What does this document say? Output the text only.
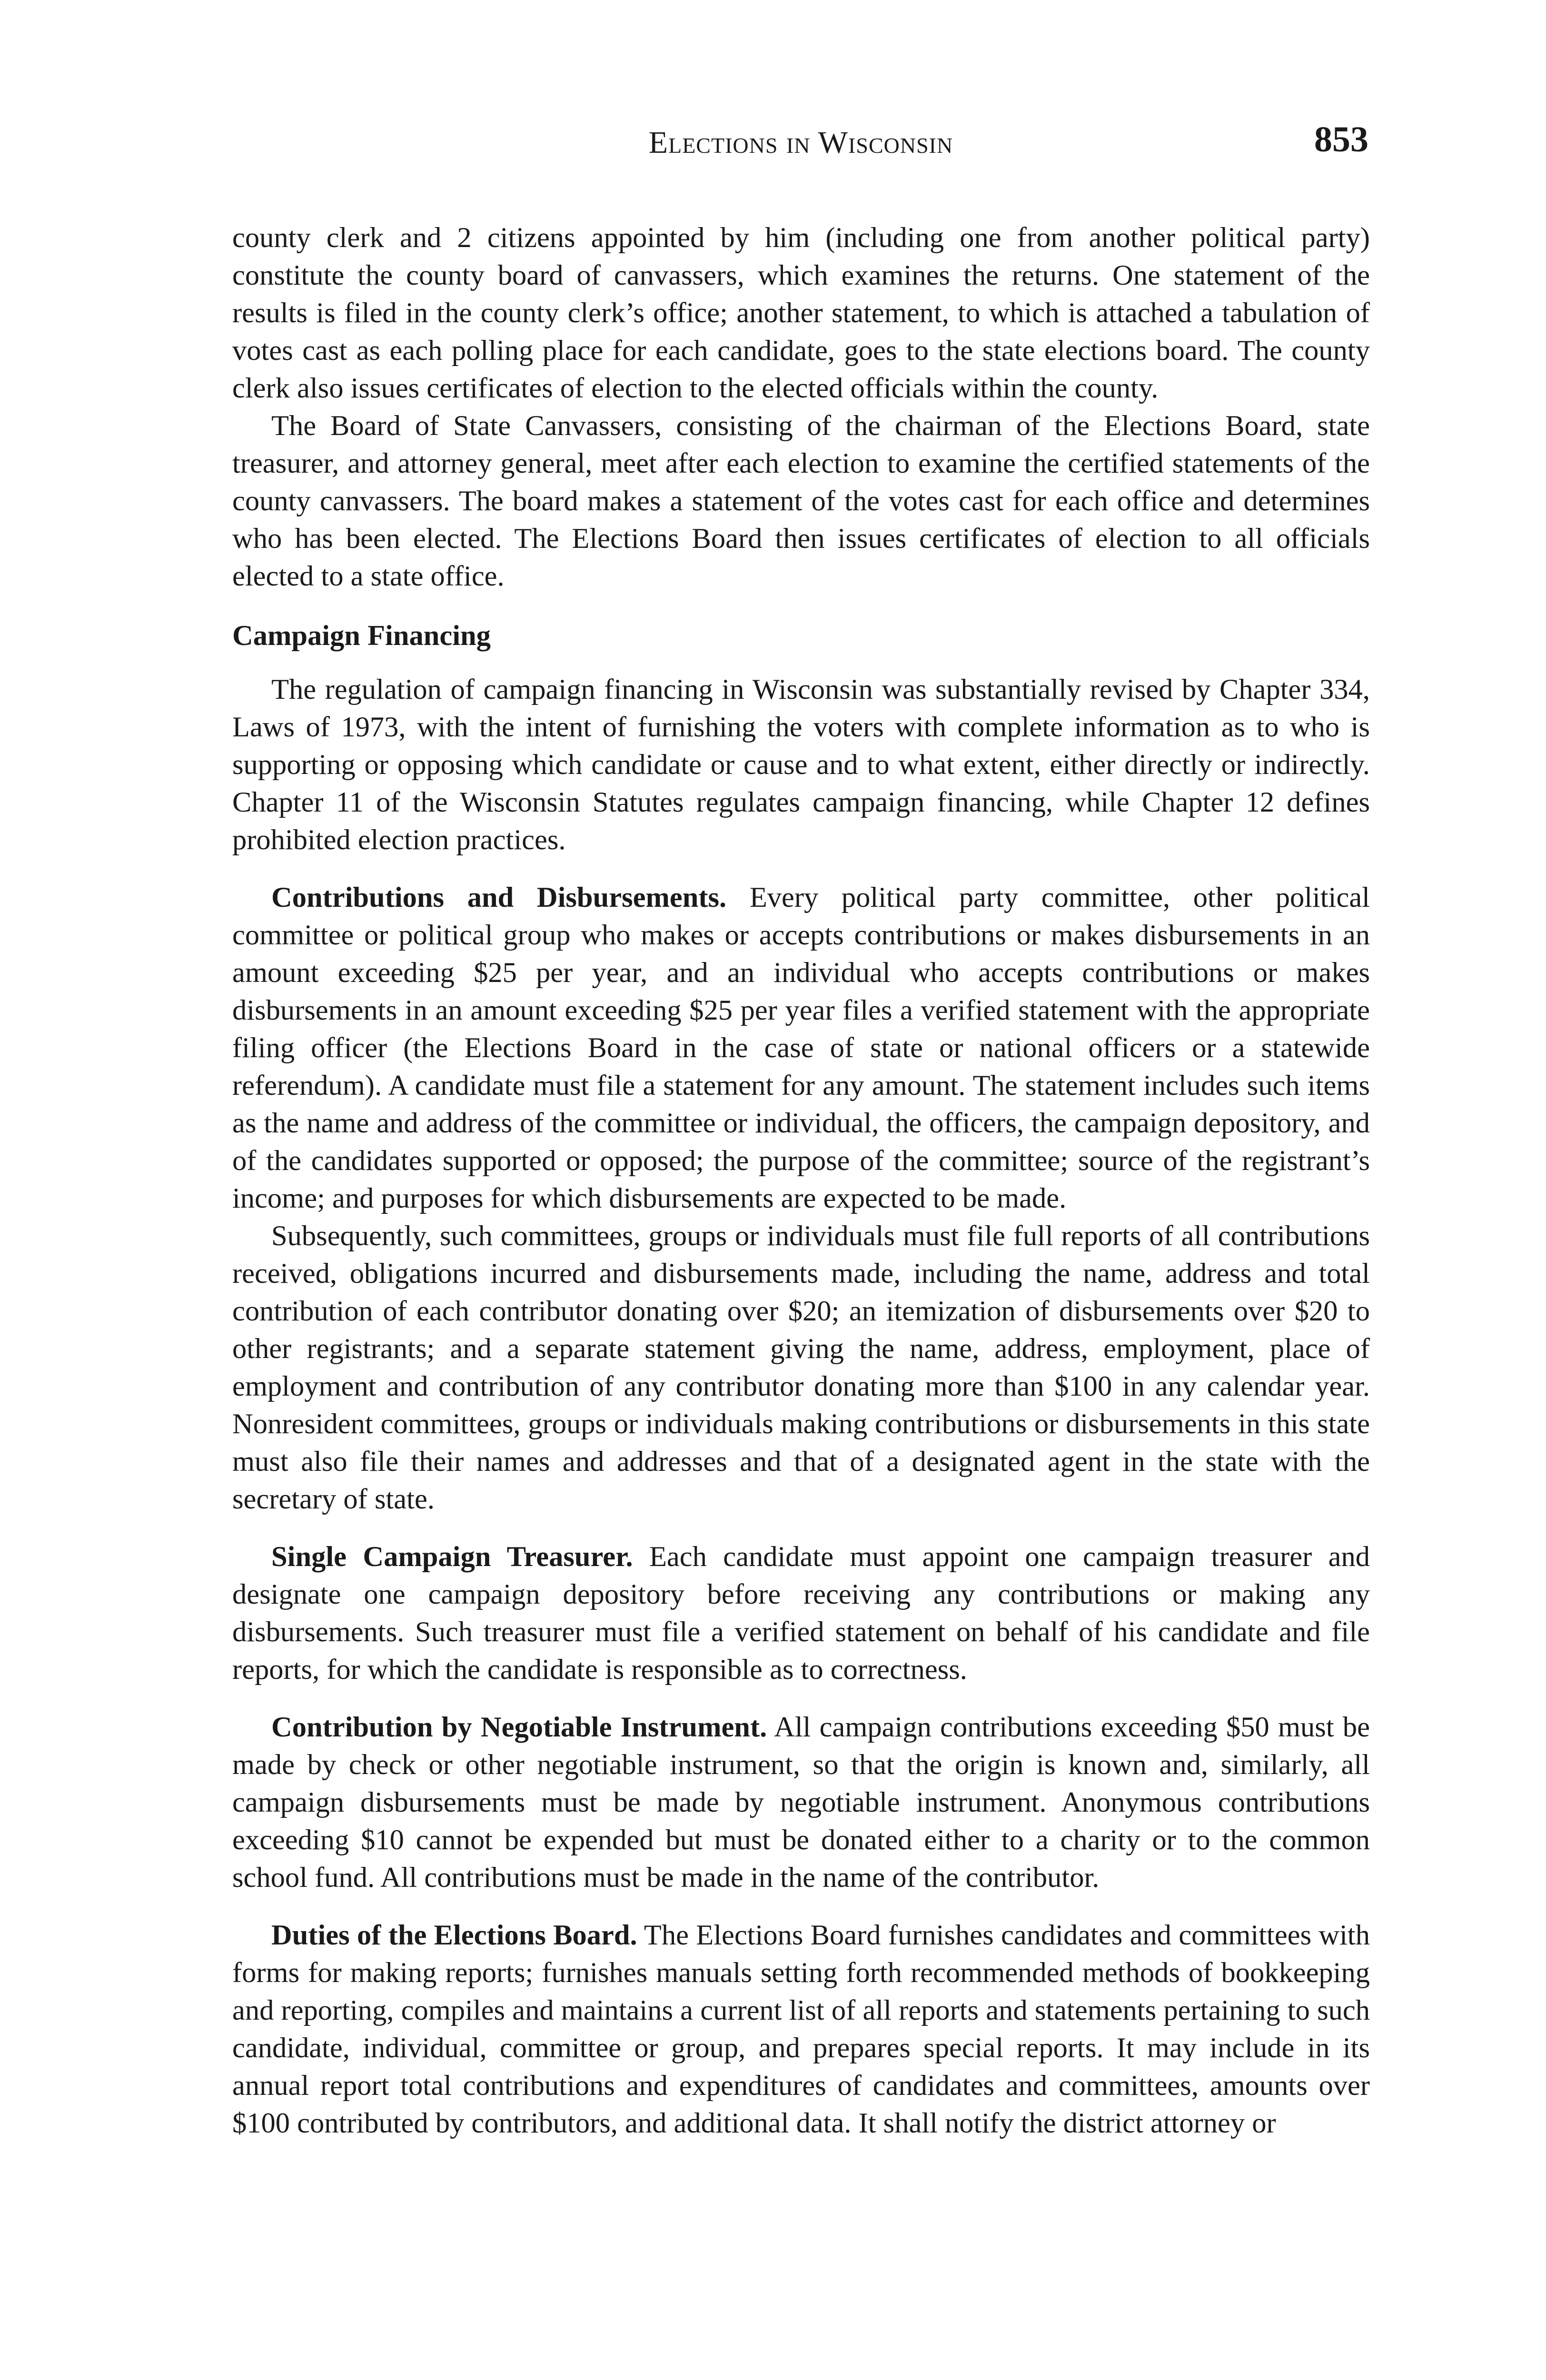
Elections in Wisconsin	853

county clerk and 2 citizens appointed by him (including one from another political party) constitute the county board of canvassers, which examines the returns. One statement of the results is filed in the county clerk’s office; another statement, to which is attached a tabulation of votes cast as each polling place for each candidate, goes to the state elections board. The county clerk also issues certificates of election to the elected officials within the county.

The Board of State Canvassers, consisting of the chairman of the Elections Board, state treasurer, and attorney general, meet after each election to examine the certified statements of the county canvassers. The board makes a statement of the votes cast for each office and determines who has been elected. The Elections Board then issues certificates of election to all officials elected to a state office.

Campaign Financing

The regulation of campaign financing in Wisconsin was substantially revised by Chapter 334, Laws of 1973, with the intent of furnishing the voters with complete information as to who is supporting or opposing which candidate or cause and to what extent, either directly or indirectly. Chapter 11 of the Wisconsin Statutes regulates campaign financing, while Chapter 12 defines prohibited election practices.

Contributions and Disbursements. Every political party committee, other political committee or political group who makes or accepts contributions or makes disbursements in an amount exceeding $25 per year, and an individual who accepts contributions or makes disbursements in an amount exceeding $25 per year files a verified statement with the appropriate filing officer (the Elections Board in the case of state or national officers or a statewide referendum). A candidate must file a statement for any amount. The statement includes such items as the name and address of the committee or individual, the officers, the campaign depository, and of the candidates supported or opposed; the purpose of the committee; source of the registrant’s income; and purposes for which disbursements are expected to be made.

Subsequently, such committees, groups or individuals must file full reports of all contributions received, obligations incurred and disbursements made, including the name, address and total contribution of each contributor donating over $20; an itemization of disbursements over $20 to other registrants; and a separate statement giving the name, address, employment, place of employment and contribution of any contributor donating more than $100 in any calendar year. Nonresident committees, groups or individuals making contributions or disbursements in this state must also file their names and addresses and that of a designated agent in the state with the secretary of state.

Single Campaign Treasurer. Each candidate must appoint one campaign treasurer and designate one campaign depository before receiving any contributions or making any disbursements. Such treasurer must file a verified statement on behalf of his candidate and file reports, for which the candidate is responsible as to correctness.

Contribution by Negotiable Instrument. All campaign contributions exceeding $50 must be made by check or other negotiable instrument, so that the origin is known and, similarly, all campaign disbursements must be made by negotiable instrument. Anonymous contributions exceeding $10 cannot be expended but must be donated either to a charity or to the common school fund. All contributions must be made in the name of the contributor.

Duties of the Elections Board. The Elections Board furnishes candidates and committees with forms for making reports; furnishes manuals setting forth recommended methods of bookkeeping and reporting, compiles and maintains a current list of all reports and statements pertaining to such candidate, individual, committee or group, and prepares special reports. It may include in its annual report total contributions and expenditures of candidates and committees, amounts over $100 contributed by contributors, and additional data. It shall notify the district attorney or
